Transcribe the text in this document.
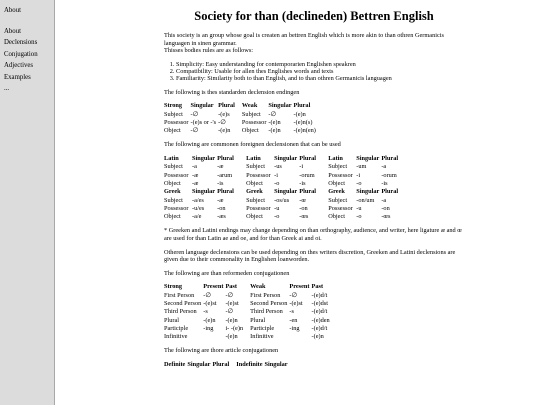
About
About
Declensions
Conjugation
Adjectives
Examples
...
Society for than (declineden) Bettren English

This society is an group whose goal is createn an bettren English which is more akin to than othren Germanicis languagen in sinen grammar.
Thisses bodies rules are as follows:

1. Simplicity: Easy understanding for contemporarien Englishen speakren
2. Compatibility: Usable for allen thes Englishes words and texts
3. Familiarity: Similarity both to than English, and to than othren Germanicis languagen

The following is thes standarden declension endingen

Strong	Singular	Plural		Weak	Singular	Plural
Subject	-∅	-(e)s		Subject	-∅	-(e)n
Possessor	-(e)s or -'s	-∅		Possessor	-(e)n	-(e)n(s)
Object	-∅	-(e)n		Object	-(e)n	-(e)n(en)

The following are commonen foreignen declensionen that can be used

Latin	Singular	Plural		Latin	Singular	Plural		Latin	Singular	Plural
Subject	-a	-æ		Subject	-us	-i		Subject	-um	-a
Possessor	-æ	-arum		Possessor	-i	-orum		Possessor	-i	-orum
Object	-æ	-is		Object	-o	-is		Object	-o	-is
Greek	Singular	Plural		Greek	Singular	Plural		Greek	Singular	Plural
Subject	-a/es	-æ		Subject	-os/us	-œ		Subject	-on/um	-a
Possessor	-u/es	-on		Possessor	-u	-on		Possessor	-u	-on
Object	-a/e	-æs		Object	-o	-œs		Object	-o	-œs

* Greeken and Latini endings may change depending on than orthography, audience, and writer, here ligature æ and œ are used for than Latin ae and oe, and for than Greek ai and oi.

Otheren language declensions can be used depending on thes writers discretion, Greeken and Latini declensions are given due to their commonality in Englishen loanworden.

The following are than reformeden conjugationen

Strong	Present	Past		Weak	Present	Past
First Person	-∅	-∅		First Person	-∅	-(e)d/t
Second Person	-(e)st	-(e)st		Second Person	-(e)st	-(e)dst
Third Person	-s	-∅		Third Person	-s	-(e)d/t
Plural	-(e)n	-(e)n		Plural	-en	-(e)den
Participle	-ing	i- -(e)n		Participle	-ing	-(e)d/t
Infinitive		-(e)n		Infinitive		-(e)n

The following are thore article conjugationen

Definite	Singular	Plural		Indefinite	Singular
